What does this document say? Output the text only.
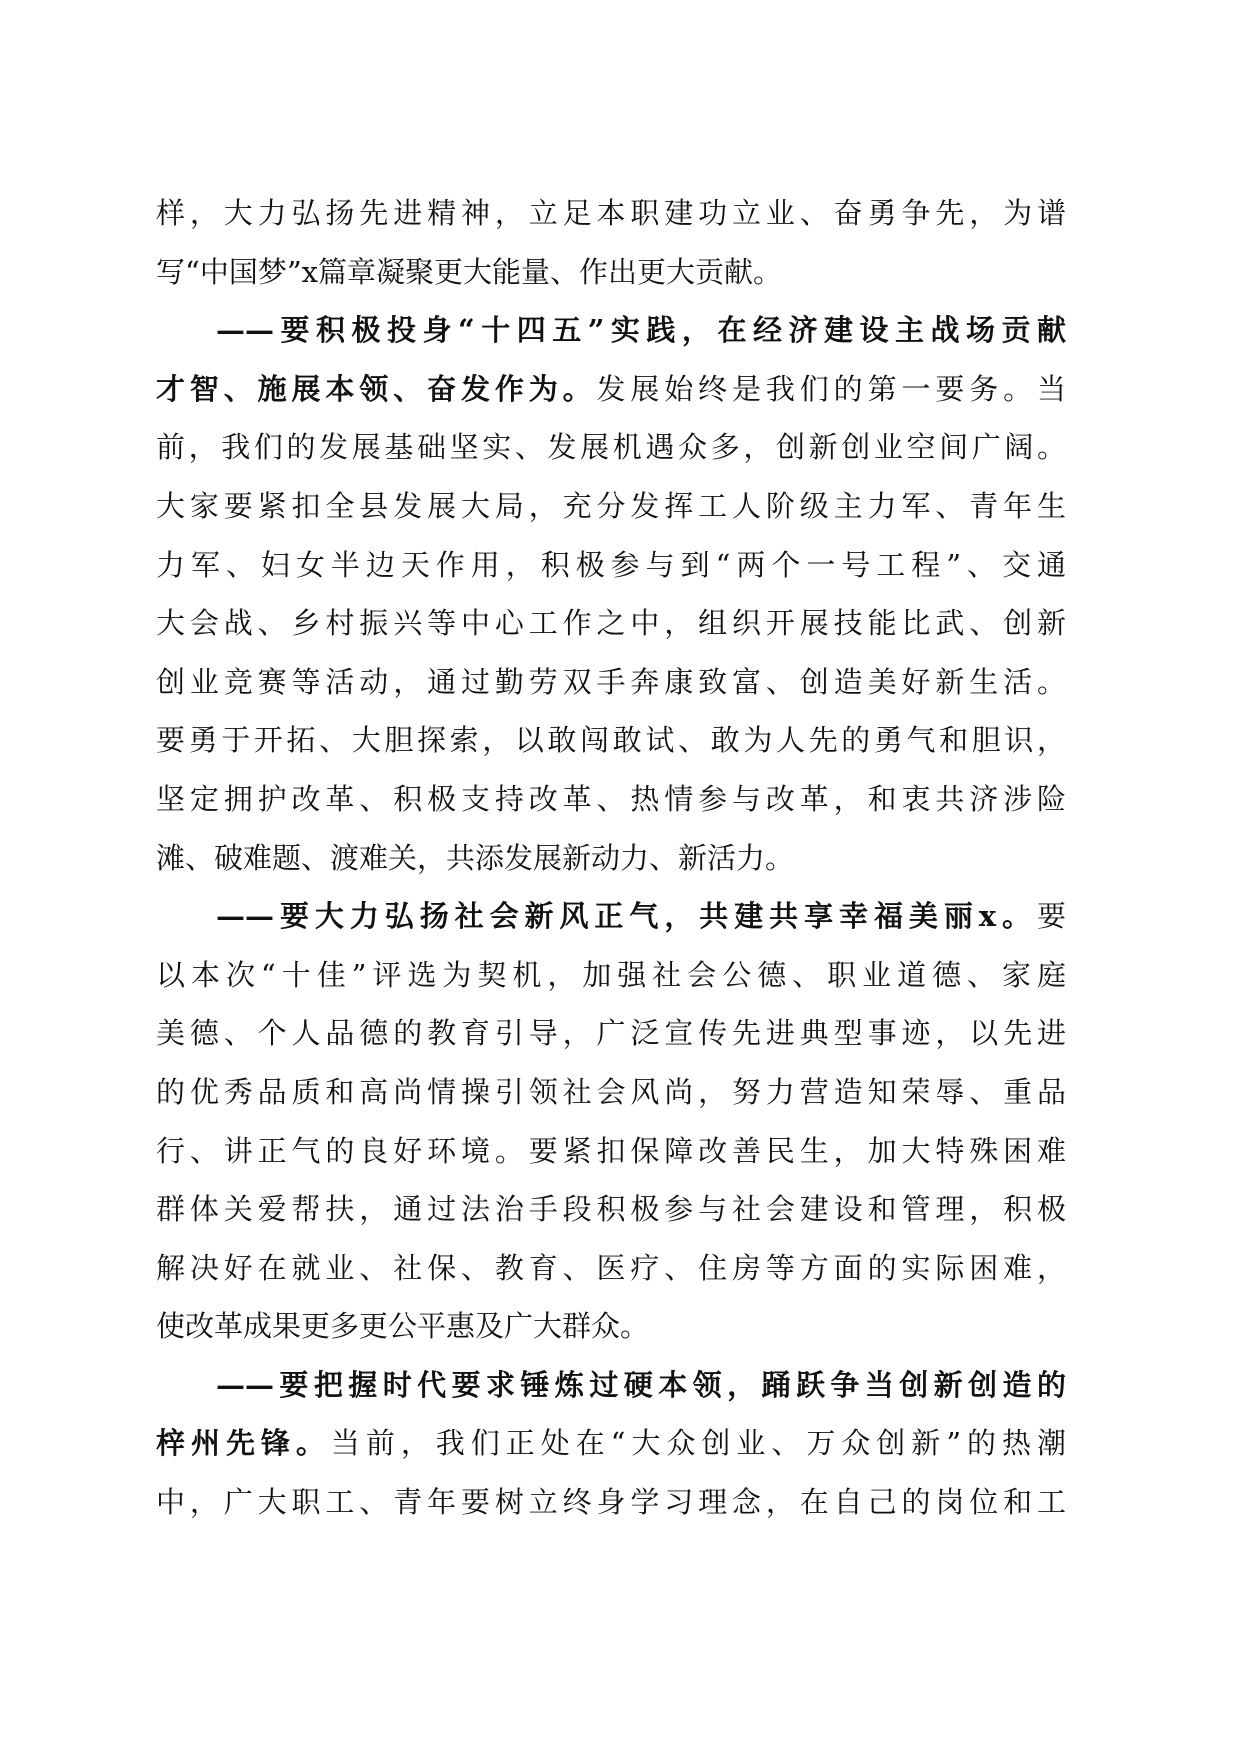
样，大力弘扬先进精神，立足本职建功立业、奋勇争先，为谱
写“中国梦”x篇章凝聚更大能量、作出更大贡献。
——要积极投身“十四五”实践，在经济建设主战场贡献
才智、施展本领、奋发作为。发展始终是我们的第一要务。当
前，我们的发展基础坚实、发展机遇众多，创新创业空间广阔。
大家要紧扣全县发展大局，充分发挥工人阶级主力军、青年生
力军、妇女半边天作用，积极参与到“两个一号工程”、交通
大会战、乡村振兴等中心工作之中，组织开展技能比武、创新
创业竞赛等活动，通过勤劳双手奔康致富、创造美好新生活。
要勇于开拓、大胆探索，以敢闯敢试、敢为人先的勇气和胆识，
坚定拥护改革、积极支持改革、热情参与改革，和衷共济涉险
滩、破难题、渡难关，共添发展新动力、新活力。
——要大力弘扬社会新风正气，共建共享幸福美丽x。要
以本次“十佳”评选为契机，加强社会公德、职业道德、家庭
美德、个人品德的教育引导，广泛宣传先进典型事迹，以先进
的优秀品质和高尚情操引领社会风尚，努力营造知荣辱、重品
行、讲正气的良好环境。要紧扣保障改善民生，加大特殊困难
群体关爱帮扶，通过法治手段积极参与社会建设和管理，积极
解决好在就业、社保、教育、医疗、住房等方面的实际困难，
使改革成果更多更公平惠及广大群众。
——要把握时代要求锤炼过硬本领，踊跃争当创新创造的
梓州先锋。当前，我们正处在“大众创业、万众创新”的热潮
中，广大职工、青年要树立终身学习理念，在自己的岗位和工
